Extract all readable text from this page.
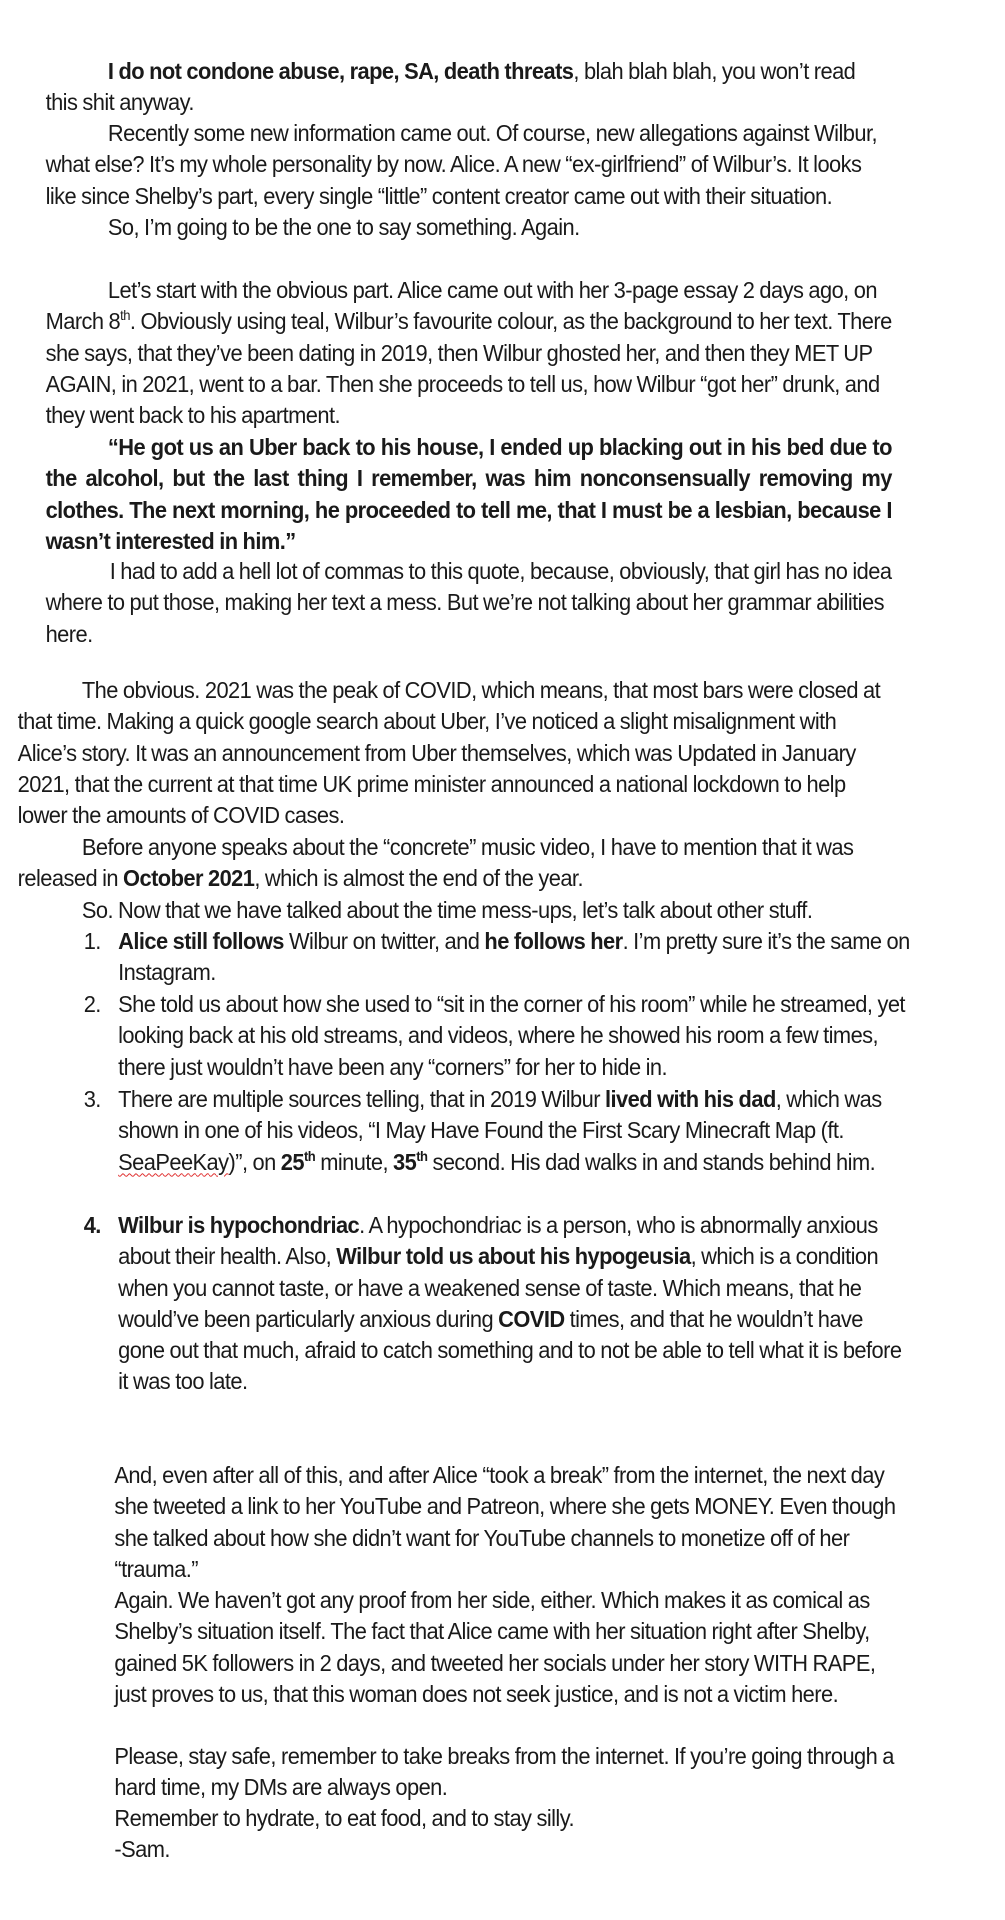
I do not condone abuse, rape, SA, death threats, blah blah blah, you won’t read this shit anyway.

Recently some new information came out. Of course, new allegations against Wilbur, what else? It’s my whole personality by now. Alice. A new “ex-girlfriend” of Wilbur’s. It looks like since Shelby’s part, every single “little” content creator came out with their situation.

So, I’m going to be the one to say something. Again.

Let’s start with the obvious part. Alice came out with her 3-page essay 2 days ago, on March 8th. Obviously using teal, Wilbur’s favourite colour, as the background to her text. There she says, that they’ve been dating in 2019, then Wilbur ghosted her, and then they MET UP AGAIN, in 2021, went to a bar. Then she proceeds to tell us, how Wilbur “got her” drunk, and they went back to his apartment.

“He got us an Uber back to his house, I ended up blacking out in his bed due to the alcohol, but the last thing I remember, was him nonconsensually removing my clothes. The next morning, he proceeded to tell me, that I must be a lesbian, because I wasn’t interested in him.”

I had to add a hell lot of commas to this quote, because, obviously, that girl has no idea where to put those, making her text a mess. But we’re not talking about her grammar abilities here.

The obvious. 2021 was the peak of COVID, which means, that most bars were closed at that time. Making a quick google search about Uber, I’ve noticed a slight misalignment with Alice’s story. It was an announcement from Uber themselves, which was Updated in January 2021, that the current at that time UK prime minister announced a national lockdown to help lower the amounts of COVID cases.

Before anyone speaks about the “concrete” music video, I have to mention that it was released in October 2021, which is almost the end of the year.

So. Now that we have talked about the time mess-ups, let’s talk about other stuff.

1. Alice still follows Wilbur on twitter, and he follows her. I’m pretty sure it’s the same on Instagram.
2. She told us about how she used to “sit in the corner of his room” while he streamed, yet looking back at his old streams, and videos, where he showed his room a few times, there just wouldn’t have been any “corners” for her to hide in.
3. There are multiple sources telling, that in 2019 Wilbur lived with his dad, which was shown in one of his videos, “I May Have Found the First Scary Minecraft Map (ft. SeaPeeKay)”, on 25th minute, 35th second. His dad walks in and stands behind him.
4. Wilbur is hypochondriac. A hypochondriac is a person, who is abnormally anxious about their health. Also, Wilbur told us about his hypogeusia, which is a condition when you cannot taste, or have a weakened sense of taste. Which means, that he would’ve been particularly anxious during COVID times, and that he wouldn’t have gone out that much, afraid to catch something and to not be able to tell what it is before it was too late.

And, even after all of this, and after Alice “took a break” from the internet, the next day she tweeted a link to her YouTube and Patreon, where she gets MONEY. Even though she talked about how she didn’t want for YouTube channels to monetize off of her “trauma.”

Again. We haven’t got any proof from her side, either. Which makes it as comical as Shelby’s situation itself. The fact that Alice came with her situation right after Shelby, gained 5K followers in 2 days, and tweeted her socials under her story WITH RAPE, just proves to us, that this woman does not seek justice, and is not a victim here.

Please, stay safe, remember to take breaks from the internet. If you’re going through a hard time, my DMs are always open.

Remember to hydrate, to eat food, and to stay silly.

-Sam.
